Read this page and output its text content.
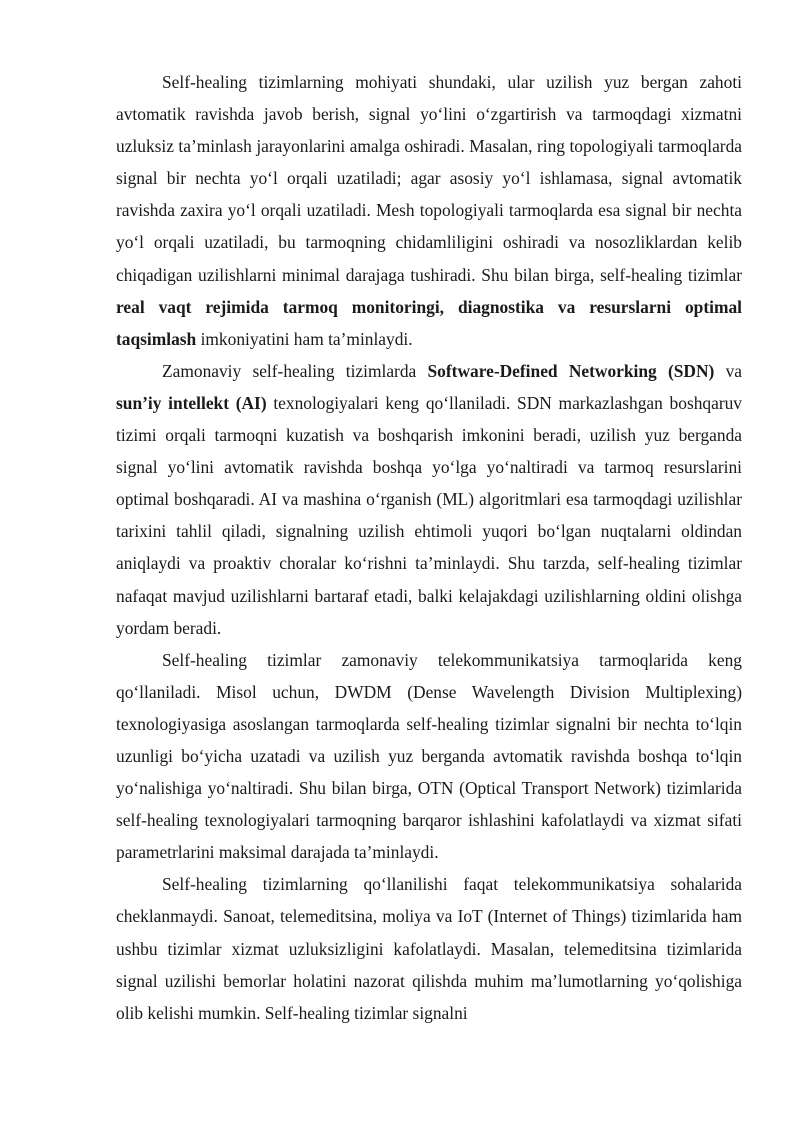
Self-healing tizimlarning mohiyati shundaki, ular uzilish yuz bergan zahoti avtomatik ravishda javob berish, signal yo‘lini o‘zgartirish va tarmoqdagi xizmatni uzluksiz ta’minlash jarayonlarini amalga oshiradi. Masalan, ring topologiyali tarmoqlarda signal bir nechta yo‘l orqali uzatiladi; agar asosiy yo‘l ishlamasa, signal avtomatik ravishda zaxira yo‘l orqali uzatiladi. Mesh topologiyali tarmoqlarda esa signal bir nechta yo‘l orqali uzatiladi, bu tarmoqning chidamliligini oshiradi va nosozliklardan kelib chiqadigan uzilishlarni minimal darajaga tushiradi. Shu bilan birga, self-healing tizimlar real vaqt rejimida tarmoq monitoringi, diagnostika va resurslarni optimal taqsimlash imkoniyatini ham ta’minlaydi.

Zamonaviy self-healing tizimlarda Software-Defined Networking (SDN) va sun’iy intellekt (AI) texnologiyalari keng qo‘llaniladi. SDN markazlashgan boshqaruv tizimi orqali tarmoqni kuzatish va boshqarish imkonini beradi, uzilish yuz berganda signal yo‘lini avtomatik ravishda boshqa yo‘lga yo‘naltiradi va tarmoq resurslarini optimal boshqaradi. AI va mashina o‘rganish (ML) algoritmlari esa tarmoqdagi uzilishlar tarixini tahlil qiladi, signalning uzilish ehtimoli yuqori bo‘lgan nuqtalarni oldindan aniqlaydi va proaktiv choralar ko‘rishni ta’minlaydi. Shu tarzda, self-healing tizimlar nafaqat mavjud uzilishlarni bartaraf etadi, balki kelajakdagi uzilishlarning oldini olishga yordam beradi.

Self-healing tizimlar zamonaviy telekommunikatsiya tarmoqlarida keng qo‘llaniladi. Misol uchun, DWDM (Dense Wavelength Division Multiplexing) texnologiyasiga asoslangan tarmoqlarda self-healing tizimlar signalni bir nechta to‘lqin uzunligi bo‘yicha uzatadi va uzilish yuz berganda avtomatik ravishda boshqa to‘lqin yo‘nalishiga yo‘naltiradi. Shu bilan birga, OTN (Optical Transport Network) tizimlarida self-healing texnologiyalari tarmoqning barqaror ishlashini kafolatlaydi va xizmat sifati parametrlarini maksimal darajada ta’minlaydi.

Self-healing tizimlarning qo‘llanilishi faqat telekommunikatsiya sohalarida cheklanmaydi. Sanoat, telemeditsina, moliya va IoT (Internet of Things) tizimlarida ham ushbu tizimlar xizmat uzluksizligini kafolatlaydi. Masalan, telemeditsina tizimlarida signal uzilishi bemorlar holatini nazorat qilishda muhim ma’lumotlarning yo‘qolishiga olib kelishi mumkin. Self-healing tizimlar signalni
